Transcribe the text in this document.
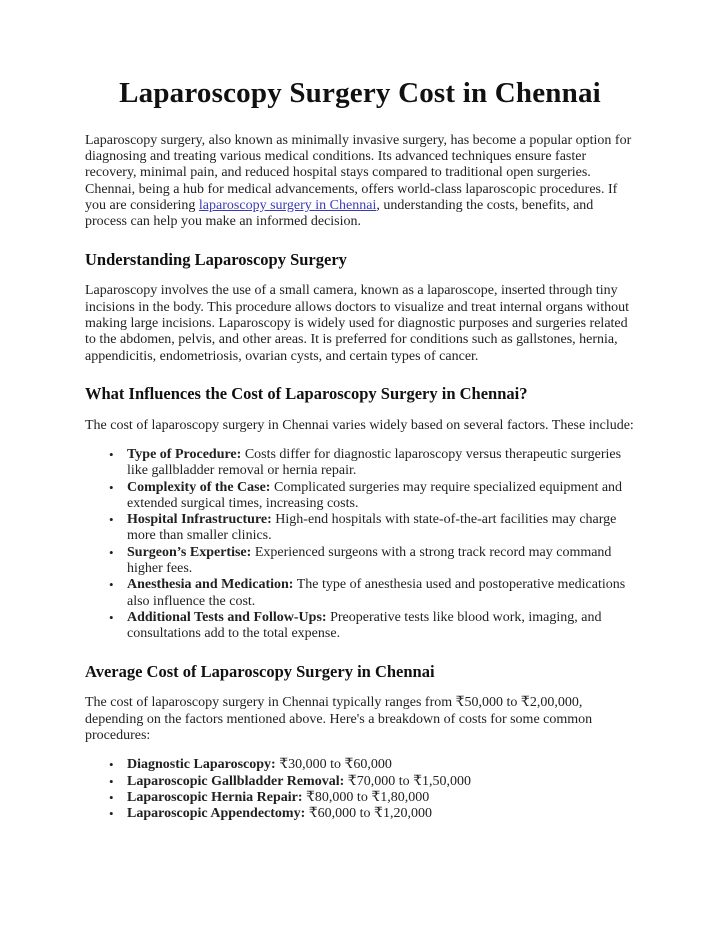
Laparoscopy Surgery Cost in Chennai

Laparoscopy surgery, also known as minimally invasive surgery, has become a popular option for diagnosing and treating various medical conditions. Its advanced techniques ensure faster recovery, minimal pain, and reduced hospital stays compared to traditional open surgeries. Chennai, being a hub for medical advancements, offers world-class laparoscopic procedures. If you are considering laparoscopy surgery in Chennai, understanding the costs, benefits, and process can help you make an informed decision.

Understanding Laparoscopy Surgery

Laparoscopy involves the use of a small camera, known as a laparoscope, inserted through tiny incisions in the body. This procedure allows doctors to visualize and treat internal organs without making large incisions. Laparoscopy is widely used for diagnostic purposes and surgeries related to the abdomen, pelvis, and other areas. It is preferred for conditions such as gallstones, hernia, appendicitis, endometriosis, ovarian cysts, and certain types of cancer.

What Influences the Cost of Laparoscopy Surgery in Chennai?

The cost of laparoscopy surgery in Chennai varies widely based on several factors. These include:

• Type of Procedure: Costs differ for diagnostic laparoscopy versus therapeutic surgeries like gallbladder removal or hernia repair.
• Complexity of the Case: Complicated surgeries may require specialized equipment and extended surgical times, increasing costs.
• Hospital Infrastructure: High-end hospitals with state-of-the-art facilities may charge more than smaller clinics.
• Surgeon’s Expertise: Experienced surgeons with a strong track record may command higher fees.
• Anesthesia and Medication: The type of anesthesia used and postoperative medications also influence the cost.
• Additional Tests and Follow-Ups: Preoperative tests like blood work, imaging, and consultations add to the total expense.
Average Cost of Laparoscopy Surgery in Chennai

The cost of laparoscopy surgery in Chennai typically ranges from ₹50,000 to ₹2,00,000, depending on the factors mentioned above. Here's a breakdown of costs for some common procedures:

• Diagnostic Laparoscopy: ₹30,000 to ₹60,000
• Laparoscopic Gallbladder Removal: ₹70,000 to ₹1,50,000
• Laparoscopic Hernia Repair: ₹80,000 to ₹1,80,000
• Laparoscopic Appendectomy: ₹60,000 to ₹1,20,000
